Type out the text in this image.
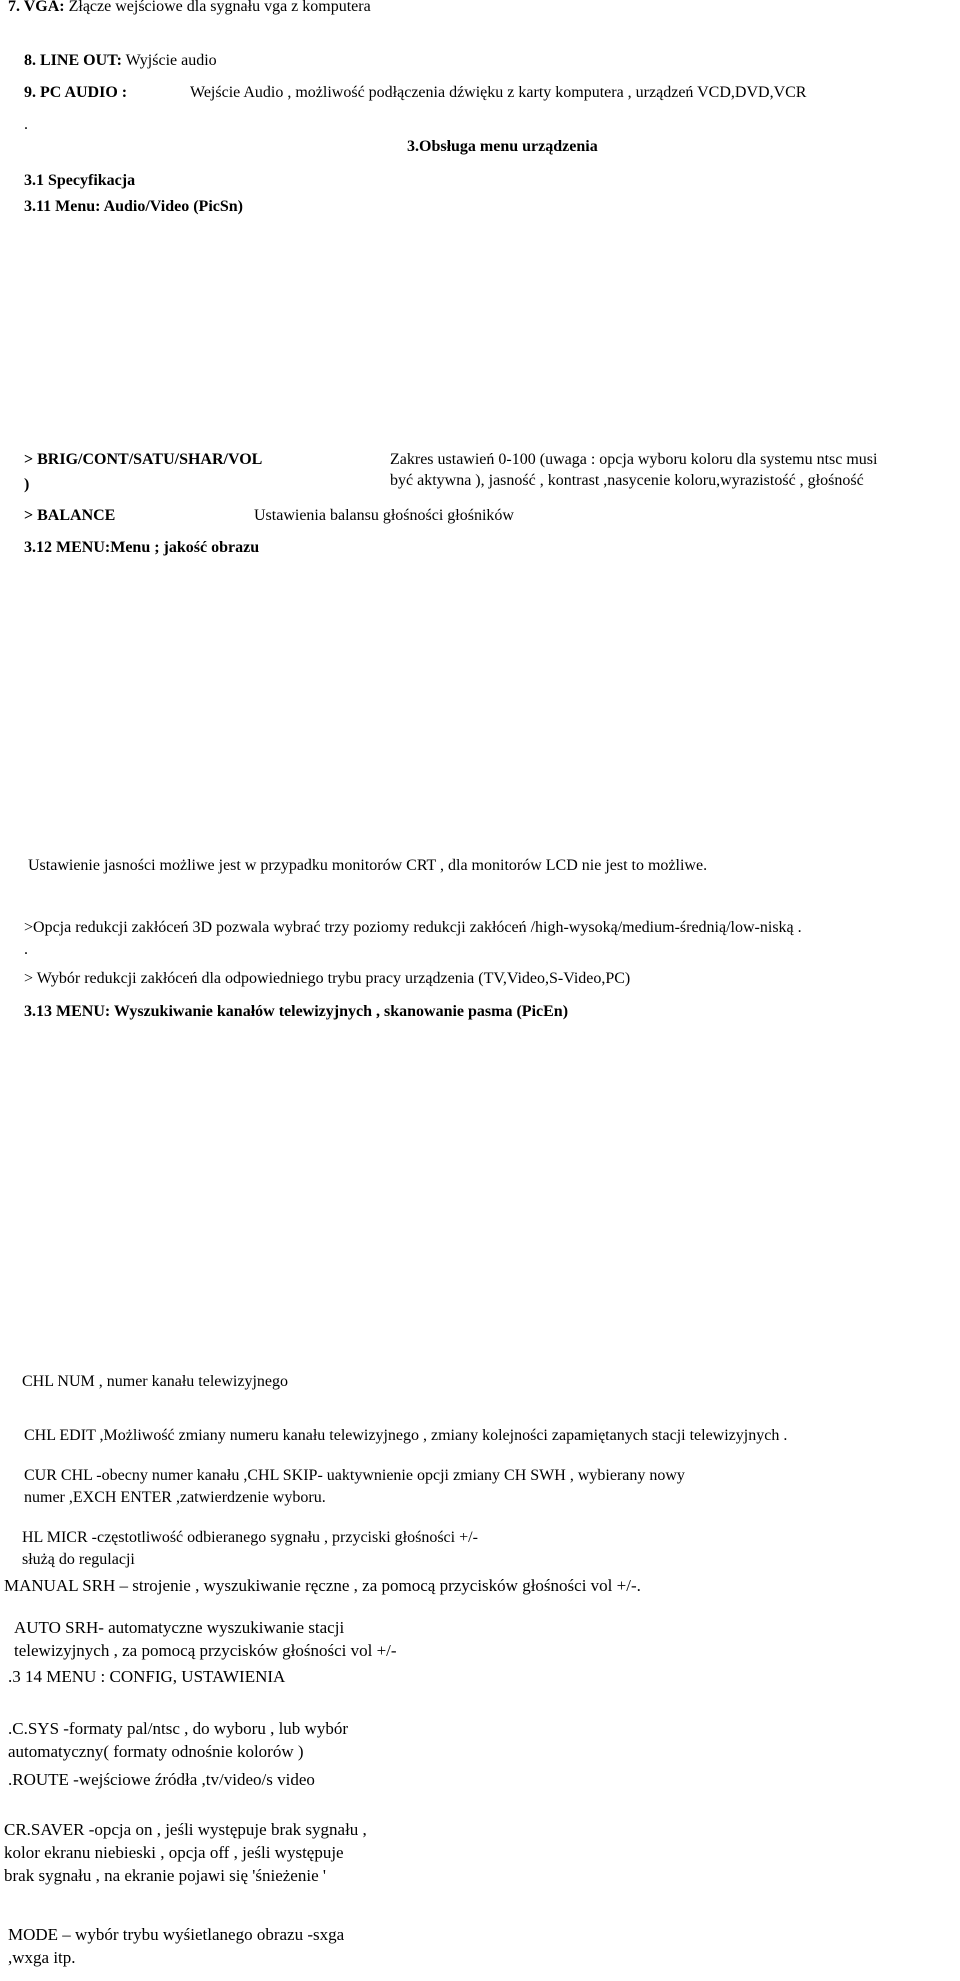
7. VGA: Złącze wejściowe dla sygnału vga z komputera
8. LINE OUT: Wyjście audio
9. PC AUDIO :	Wejście Audio , możliwość podłączenia dźwięku z karty komputera , urządzeń VCD,DVD,VCR
.
3.Obsługa menu urządzenia
3.1 Specyfikacja
3.11 Menu: Audio/Video (PicSn)
> BRIG/CONT/SATU/SHAR/VOL
)
Zakres ustawień 0-100 (uwaga : opcja wyboru koloru dla systemu ntsc musi
być aktywna ), jasność , kontrast ,nasycenie koloru,wyrazistość , głośność
> BALANCE	Ustawienia balansu głośności głośników
3.12 MENU:Menu ; jakość obrazu
Ustawienie jasności możliwe jest w przypadku monitorów CRT , dla monitorów LCD nie jest to możliwe.
>Opcja redukcji zakłóceń 3D pozwala wybrać trzy poziomy redukcji zakłóceń /high-wysoką/medium-średnią/low-niską .
.
> Wybór redukcji zakłóceń dla odpowiedniego trybu pracy urządzenia (TV,Video,S-Video,PC)
3.13 MENU: Wyszukiwanie kanałów telewizyjnych , skanowanie pasma (PicEn)
CHL NUM , numer kanału telewizyjnego
CHL EDIT ,Możliwość zmiany numeru kanału telewizyjnego , zmiany kolejności zapamiętanych stacji telewizyjnych .
CUR CHL -obecny numer kanału ,CHL SKIP- uaktywnienie opcji zmiany CH SWH , wybierany nowy
numer ,EXCH ENTER ,zatwierdzenie wyboru.
HL MICR -częstotliwość odbieranego sygnału , przyciski głośności +/-
służą do regulacji
MANUAL SRH – strojenie , wyszukiwanie ręczne , za pomocą przycisków głośności vol +/-.
AUTO SRH- automatyczne wyszukiwanie stacji
telewizyjnych , za pomocą przycisków głośności vol +/-
.3 14 MENU : CONFIG, USTAWIENIA
.C.SYS -formaty pal/ntsc , do wyboru , lub wybór
automatyczny( formaty odnośnie kolorów )
.ROUTE -wejściowe źródła ,tv/video/s video
CR.SAVER -opcja on , jeśli występuje brak sygnału ,
kolor ekranu niebieski , opcja off , jeśli występuje
brak sygnału , na ekranie pojawi się 'śnieżenie '
MODE – wybór trybu wyśietlanego obrazu -sxga
,wxga itp.
